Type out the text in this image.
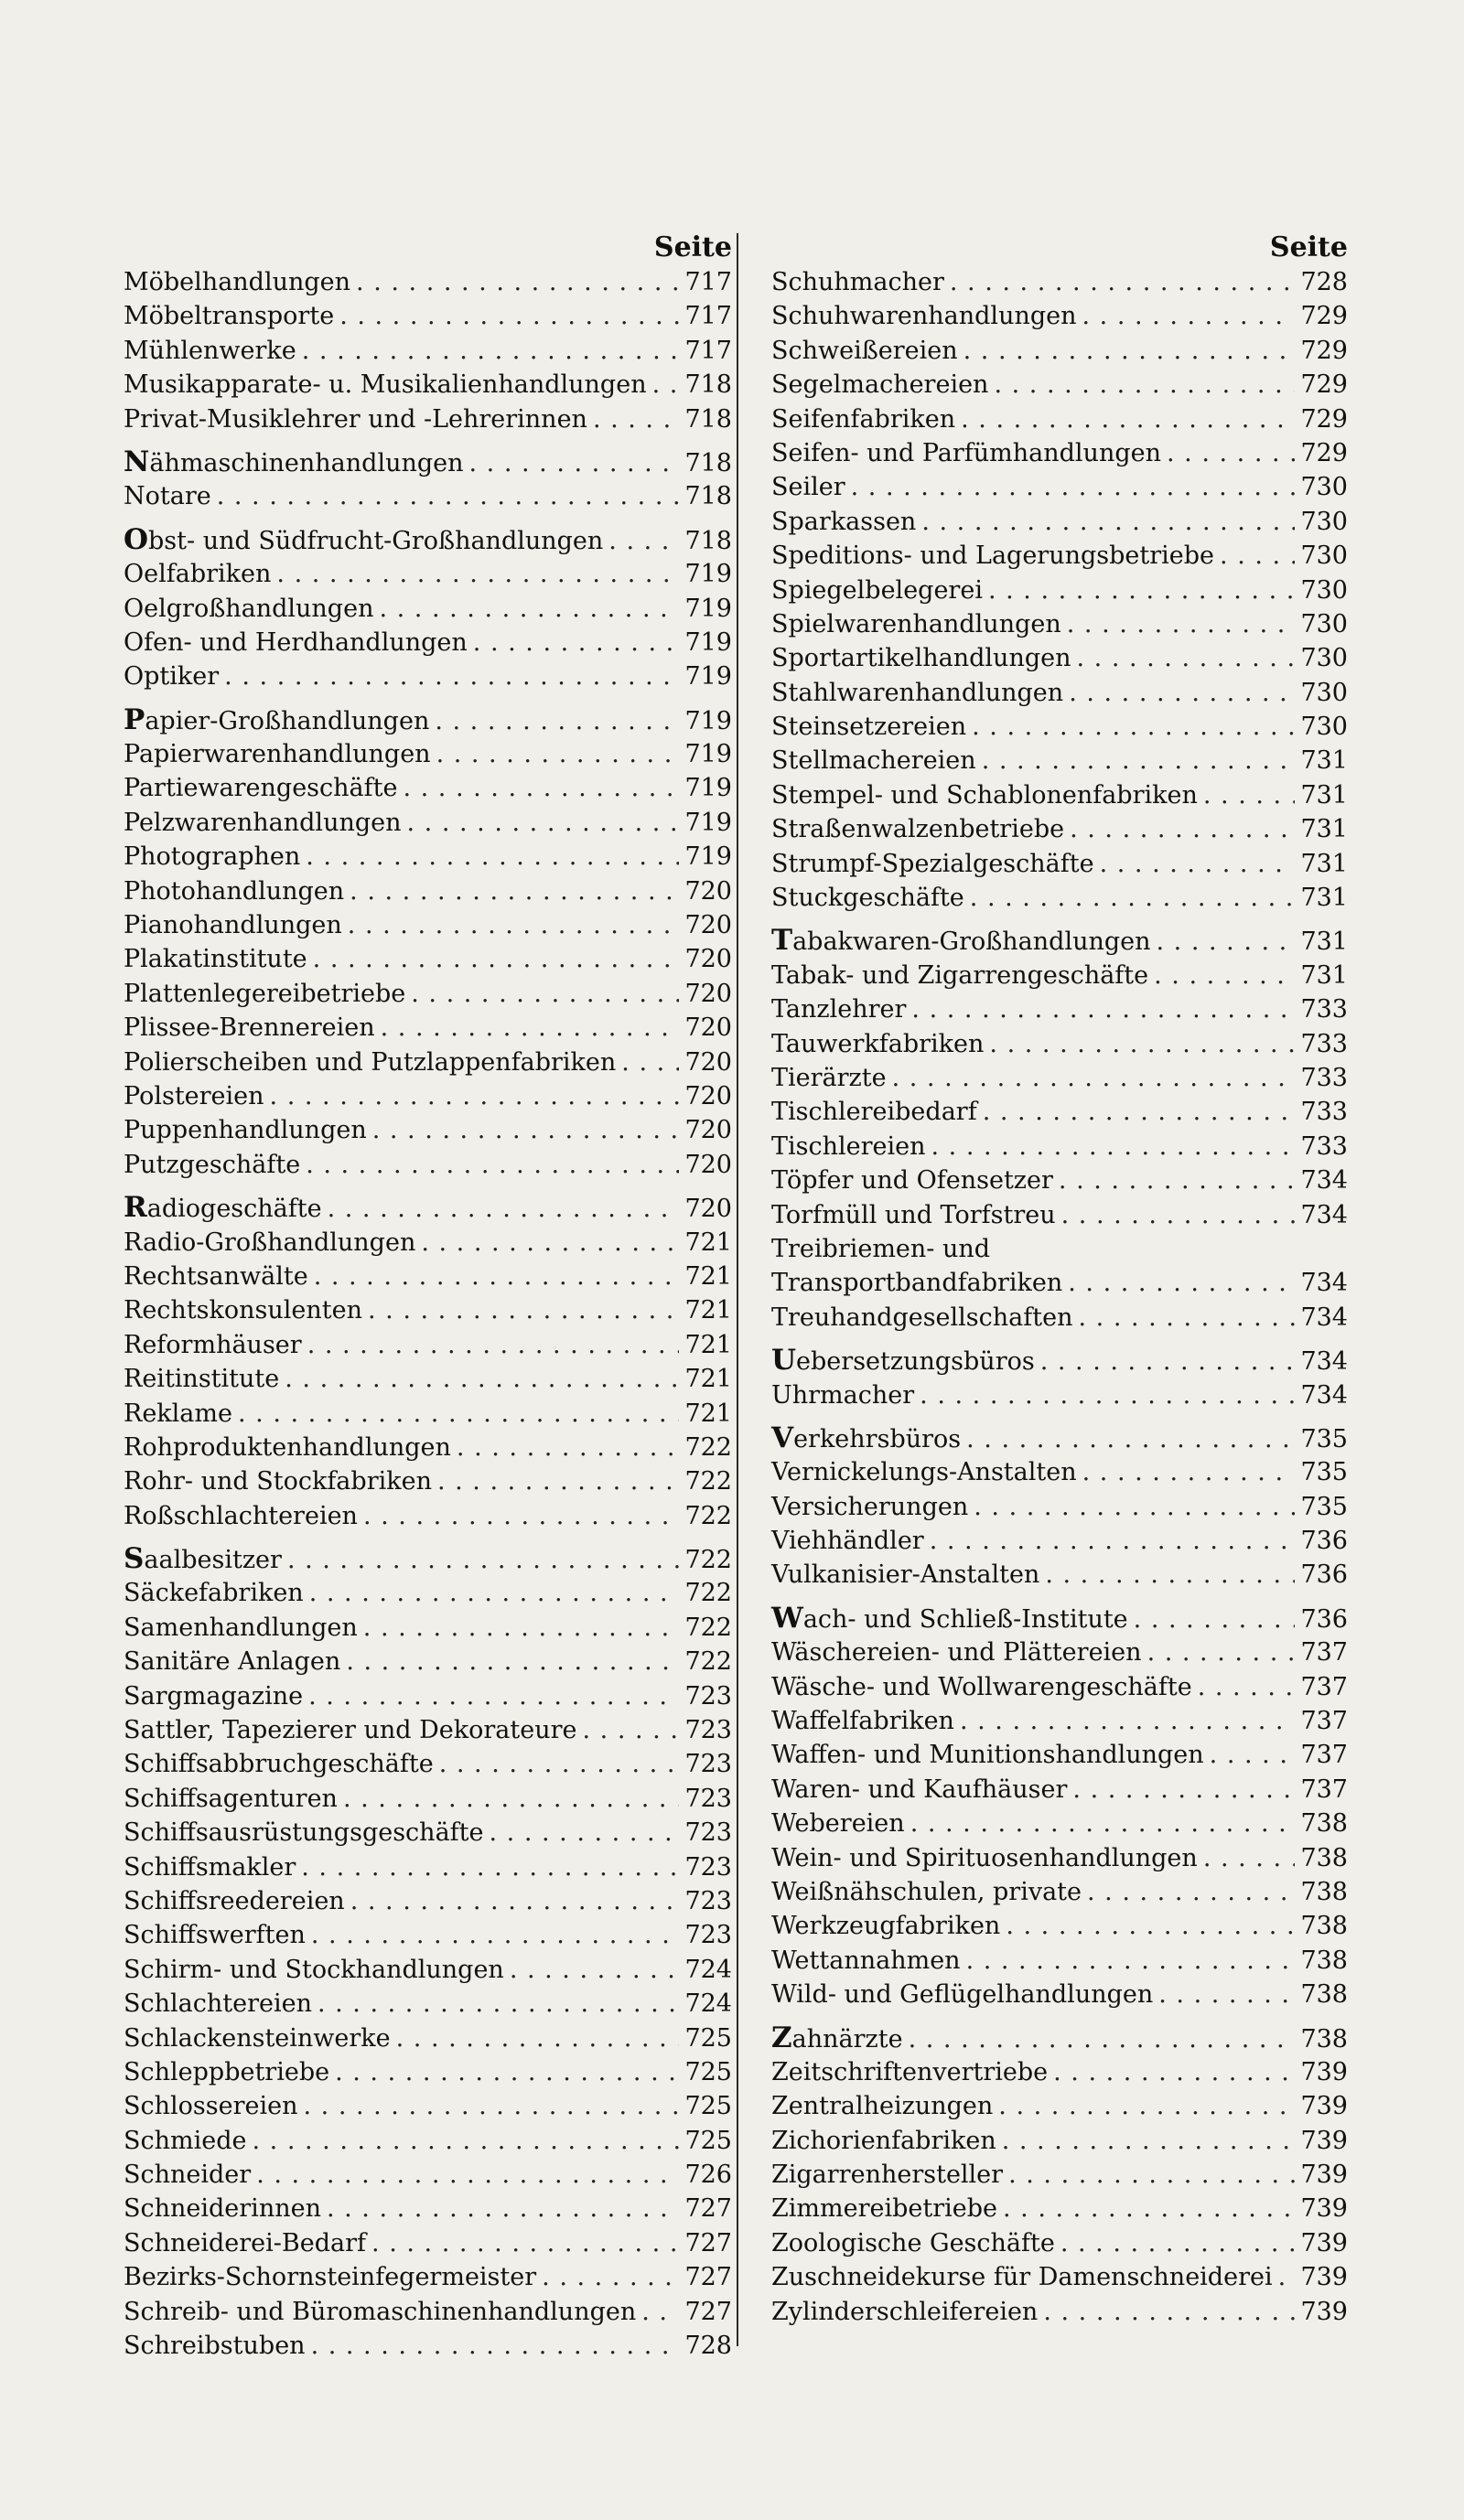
Seite
Möbelhandlungen . . .	717
Möbeltransporte . . .	717
Mühlenwerke . . .	717
Musikapparate- u. Musikalienhandlungen . . . 718
Privat-Musiklehrer und -Lehrerinnen . . .	718
Nähmaschinenhandlungen . . .	718
Notare . . .	718
Obst- und Südfrucht-Großhandlungen . . .	718
Oelfabriken . . .	719
Oelgroßhandlungen . . .	719
Ofen- und Herdhandlungen . . .	719
Optiker . . .	719
Papier-Großhandlungen . . .	719
Papierwarenhandlungen . . .	719
Partiewarengeschäfte . . .	719
Pelzwarenhandlungen . . .	719
Photographen . . .	719
Photohandlungen . . .	720
Pianohandlungen . . .	720
Plakatinstitute . . .	720
Plattenlegereibetriebe . . .	720
Plissee-Brennereien . . .	720
Polierscheiben und Putzlappenfabriken . . .	720
Polstereien . . .	720
Puppenhandlungen . . .	720
Putzgeschäfte . . .	720
Radiogeschäfte . . .	720
Radio-Großhandlungen . . .	721
Rechtsanwälte . . .	721
Rechtskonsulenten . . .	721
Reformhäuser . . .	721
Reitinstitute . . .	721
Reklame . . .	721
Rohproduktenhandlungen . . .	722
Rohr- und Stockfabriken . . .	722
Roßschlachtereien . . .	722
Saalbesitzer . . .	722
Säckefabriken . . .	722
Samenhandlungen . . .	722
Sanitäre Anlagen . . .	722
Sargmagazine . . .	723
Sattler, Tapezierer und Dekorateure . . .	723
Schiffsabbruchgeschäfte . . .	723
Schiffsagenturen . . .	723
Schiffsausrüstungsgeschäfte . . .	723
Schiffsmakler . . .	723
Schiffsreedereien . . .	723
Schiffswerften . . .	723
Schirm- und Stockhandlungen . . .	724
Schlachtereien . . .	724
Schlackensteinwerke . . .	725
Schleppbetriebe . . .	725
Schlossereien . . .	725
Schmiede . . .	725
Schneider . . .	726
Schneiderinnen . . .	727
Schneiderei-Bedarf . . .	727
Bezirks-Schornsteinfegermeister . . .	727
Schreib- und Büromaschinenhandlungen . . . 727
Schreibstuben . . .	728
Seite
Schuhmacher . . .	728
Schuhwarenhandlungen . . .	729
Schweißereien . . .	729
Segelmachereien . . .	729
Seifenfabriken . . .	729
Seifen- und Parfümhandlungen . . .	729
Seiler . . .	730
Sparkassen . . .	730
Speditions- und Lagerungsbetriebe . . .	730
Spiegelbelegerei . . .	730
Spielwarenhandlungen . . .	730
Sportartikelhandlungen . . .	730
Stahlwarenhandlungen . . .	730
Steinsetzereien . . .	730
Stellmachereien . . .	731
Stempel- und Schablonenfabriken . . .	731
Straßenwalzenbetriebe . . .	731
Strumpf-Spezialgeschäfte . . .	731
Stuckgeschäfte . . .	731
Tabakwaren-Großhandlungen . . .	731
Tabak- und Zigarrengeschäfte . . .	731
Tanzlehrer . . .	733
Tauwerkfabriken . . .	733
Tierärzte . . .	733
Tischlereibedarf . . .	733
Tischlereien . . .	733
Töpfer und Ofensetzer . . .	734
Torfmüll und Torfstreu . . .	734
Treibriemen- und
Transportbandfabriken . . .	734
Treuhandgesellschaften . . .	734
Uebersetzungsbüros . . .	734
Uhrmacher . . .	734
Verkehrsbüros . . .	735
Vernickelungs-Anstalten . . .	735
Versicherungen . . .	735
Viehhändler . . .	736
Vulkanisier-Anstalten . . .	736
Wach- und Schließ-Institute . . .	736
Wäschereien- und Plättereien . . .	737
Wäsche- und Wollwarengeschäfte . . .	737
Waffelfabriken . . .	737
Waffen- und Munitionshandlungen . . .	737
Waren- und Kaufhäuser . . .	737
Webereien . . .	738
Wein- und Spirituosenhandlungen . . .	738
Weißnähschulen, private . . .	738
Werkzeugfabriken . . .	738
Wettannahmen . . .	738
Wild- und Geflügelhandlungen . . .	738
Zahnärzte . . .	738
Zeitschriftenvertriebe . . .	739
Zentralheizungen . . .	739
Zichorienfabriken . . .	739
Zigarrenhersteller . . .	739
Zimmereibetriebe . . .	739
Zoologische Geschäfte . . .	739
Zuschneidekurse für Damenschneiderei . . . 739
Zylinderschleifereien . . .	739
